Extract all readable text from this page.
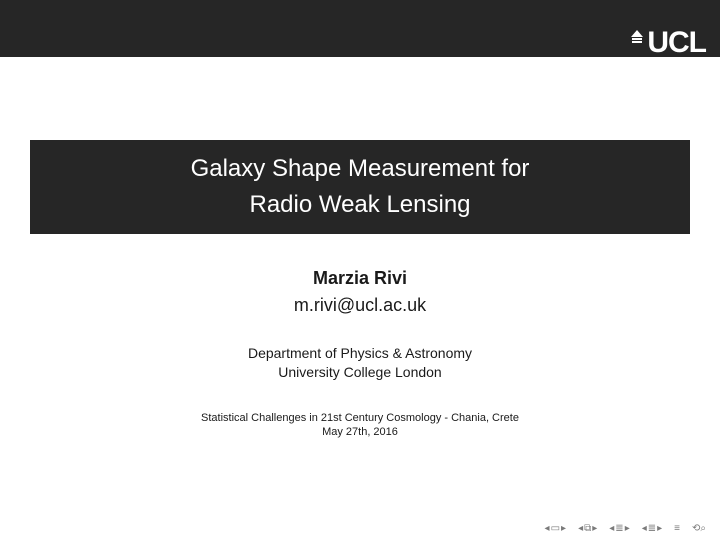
UCL
Galaxy Shape Measurement for
Radio Weak Lensing
Marzia Rivi
m.rivi@ucl.ac.uk
Department of Physics & Astronomy
University College London
Statistical Challenges in 21st Century Cosmology - Chania, Crete
May 27th, 2016
◂ ▭ ▸ ◂ ⧉ ▸ ◂ ≣ ▸ ◂ ≣ ▸ ≡ ⟲⌕
